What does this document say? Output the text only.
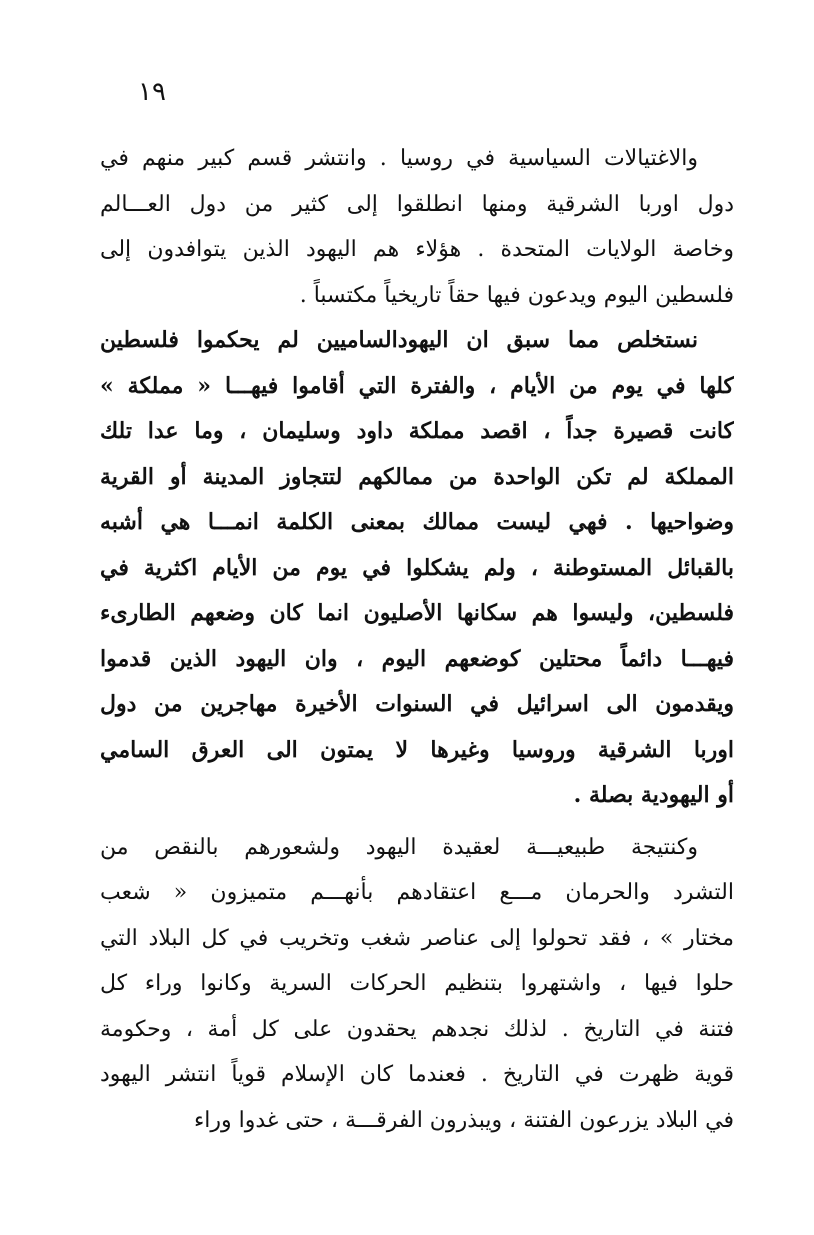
١٩
والاغتيالات السياسية في روسيا . وانتشر قسم كبير منهم في
دول اوربا الشرقية ومنها انطلقوا إلى كثير من دول العـــالم
وخاصة الولايات المتحدة . هؤلاء هم اليهود الذين يتوافدون إلى
فلسطين اليوم ويدعون فيها حقاً تاريخياً مكتسباً .
نستخلص مما سبق ان اليهودالساميين لم يحكموا فلسطين
كلها في يوم من الأيام ، والفترة التي أقاموا فيهـــا « مملكة »
كانت قصيرة جداً ، اقصد مملكة داود وسليمان ، وما عدا تلك
المملكة لم تكن الواحدة من ممالكهم لتتجاوز المدينة أو القرية
وضواحيها . فهي ليست ممالك بمعنى الكلمة انمـــا هي أشبه
بالقبائل المستوطنة ، ولم يشكلوا في يوم من الأيام اكثرية في
فلسطين، وليسوا هم سكانها الأصليون انما كان وضعهم الطارىء
فيهـــا دائماً محتلين كوضعهم اليوم ، وان اليهود الذين قدموا
ويقدمون الى اسرائيل في السنوات الأخيرة مهاجرين من دول
اوربا الشرقية وروسيا وغيرها لا يمتون الى العرق السامي
أو اليهودية بصلة .
وكنتيجة طبيعيـــة لعقيدة اليهود ولشعورهم بالنقص من
التشرد والحرمان مـــع اعتقادهم بأنهـــم متميزون « شعب
مختار » ، فقد تحولوا إلى عناصر شغب وتخريب في كل البلاد التي
حلوا فيها ، واشتهروا بتنظيم الحركات السرية وكانوا وراء كل
فتنة في التاريخ . لذلك نجدهم يحقدون على كل أمة ، وحكومة
قوية ظهرت في التاريخ . فعندما كان الإسلام قوياً انتشر اليهود
في البلاد يزرعون الفتنة ، ويبذرون الفرقـــة ، حتى غدوا وراء
